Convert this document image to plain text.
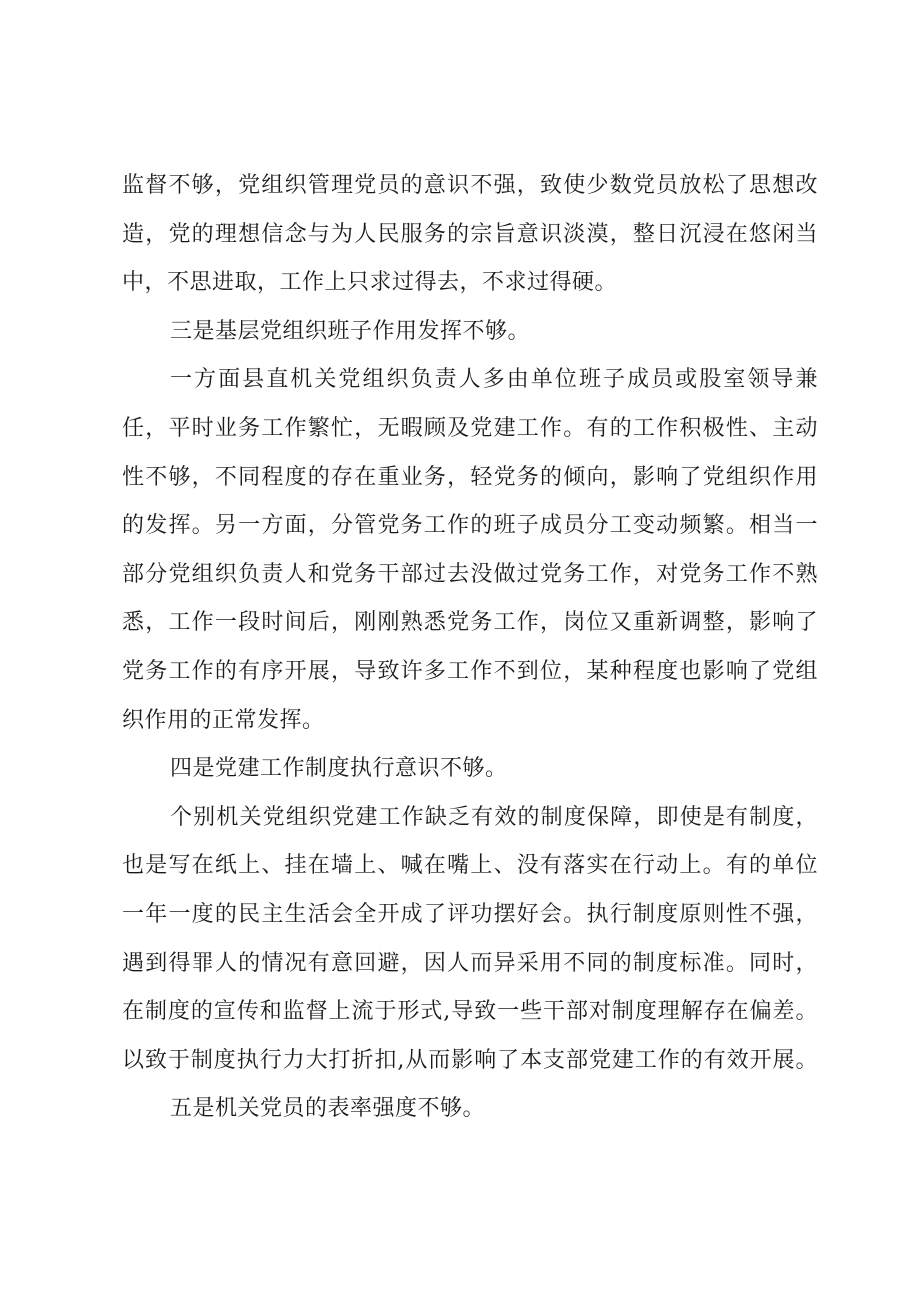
监督不够，党组织管理党员的意识不强，致使少数党员放松了思想改
造，党的理想信念与为人民服务的宗旨意识淡漠，整日沉浸在悠闲当
中，不思进取，工作上只求过得去，不求过得硬。
三是基层党组织班子作用发挥不够。
一方面县直机关党组织负责人多由单位班子成员或股室领导兼
任，平时业务工作繁忙，无暇顾及党建工作。有的工作积极性、主动
性不够，不同程度的存在重业务，轻党务的倾向，影响了党组织作用
的发挥。另一方面，分管党务工作的班子成员分工变动频繁。相当一
部分党组织负责人和党务干部过去没做过党务工作，对党务工作不熟
悉，工作一段时间后，刚刚熟悉党务工作，岗位又重新调整，影响了
党务工作的有序开展，导致许多工作不到位，某种程度也影响了党组
织作用的正常发挥。
四是党建工作制度执行意识不够。
个别机关党组织党建工作缺乏有效的制度保障，即使是有制度，
也是写在纸上、挂在墙上、喊在嘴上、没有落实在行动上。有的单位
一年一度的民主生活会全开成了评功摆好会。执行制度原则性不强，
遇到得罪人的情况有意回避，因人而异采用不同的制度标准。同时，
在制度的宣传和监督上流于形式,导致一些干部对制度理解存在偏差。
以致于制度执行力大打折扣,从而影响了本支部党建工作的有效开展。
五是机关党员的表率强度不够。
